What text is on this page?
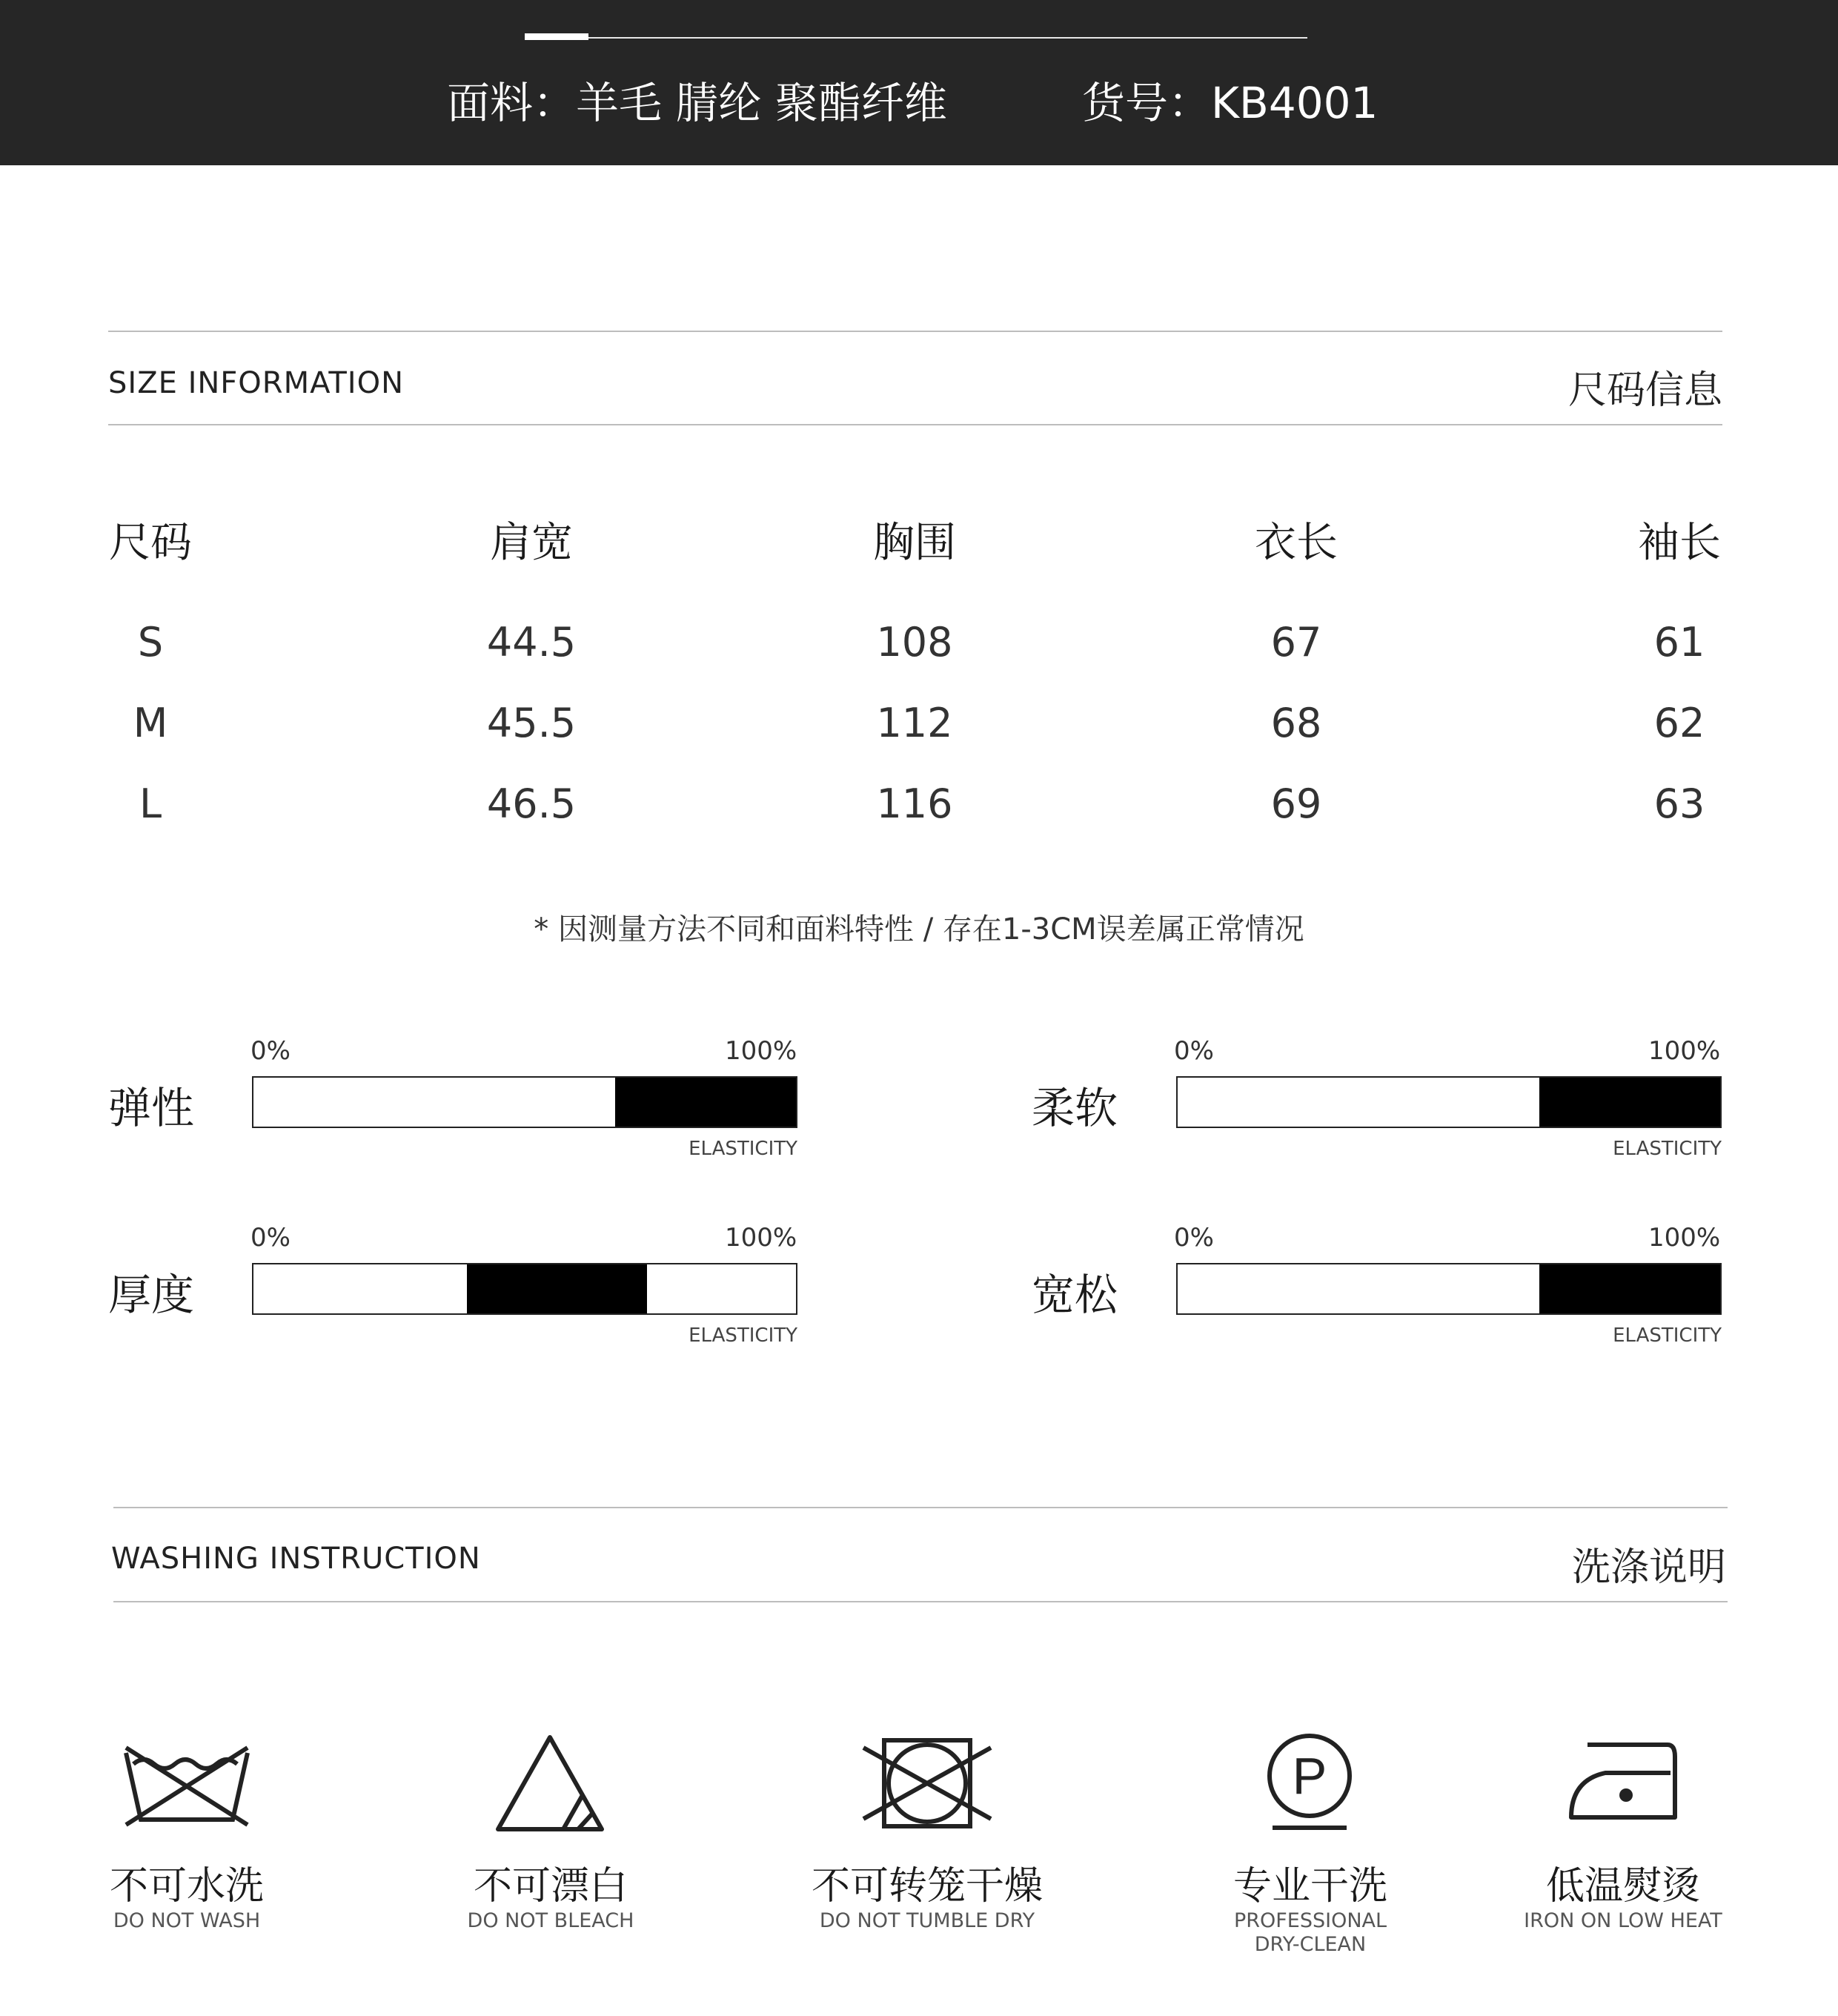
面料：羊毛 腈纶 聚酯纤维	货号：KB4001
SIZE INFORMATION	尺码信息
尺码	肩宽	胸围	衣长	袖长
S	44.5	108	67	61
M	45.5	112	68	62
L	46.5	116	69	63
* 因测量方法不同和面料特性 / 存在1-3CM误差属正常情况
弹性
0%	100%
ELASTICITY
柔软
0%	100%
ELASTICITY
厚度
0%	100%
ELASTICITY
宽松
0%	100%
ELASTICITY
WASHING INSTRUCTION	洗涤说明
P
不可水洗
DO NOT WASH
不可漂白
DO NOT BLEACH
不可转笼干燥
DO NOT TUMBLE DRY
专业干洗
PROFESSIONAL
DRY-CLEAN
低温熨烫
IRON ON LOW HEAT
